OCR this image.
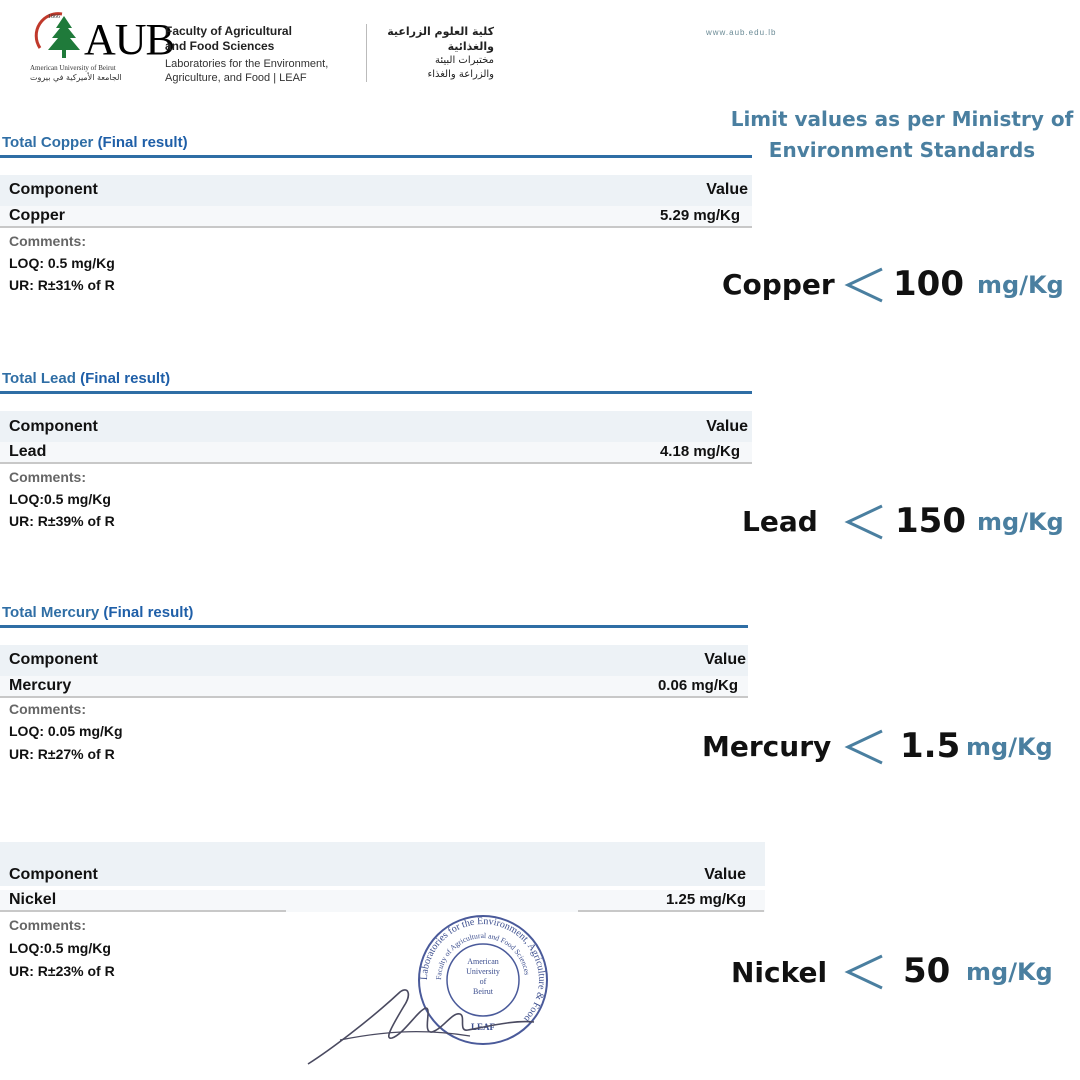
1866 AUB
American University of Beirut
الجامعة الأميركية في بيروت
Faculty of Agricultural
and Food Sciences
Laboratories for the Environment,
Agriculture, and Food | LEAF
كلية العلوم الزراعية
والغذائية
مختبرات البيئة
والزراعة والغذاء
www.aub.edu.lb
Limit values as per Ministry of
Environment Standards
Total Copper (Final result)
Component	Value
Copper	5.29 mg/Kg
Comments:
LOQ: 0.5 mg/Kg
UR: R±31% of R
Total Lead (Final result)
Component	Value
Lead	4.18 mg/Kg
Comments:
LOQ:0.5 mg/Kg
UR: R±39% of R
Total Mercury (Final result)
Component	Value
Mercury	0.06 mg/Kg
Comments:
LOQ: 0.05 mg/Kg
UR: R±27% of R
Component	Value
Nickel	1.25 mg/Kg
Comments:
LOQ:0.5 mg/Kg
UR: R±23% of R
Copper 100 mg/Kg
Lead 150 mg/Kg
Mercury 1.5 mg/Kg
Nickel 50 mg/Kg
Laboratories for the Environment, Agriculture & Food
Faculty of Agricultural and Food Sciences
American
University
of
Beirut
LEAF
